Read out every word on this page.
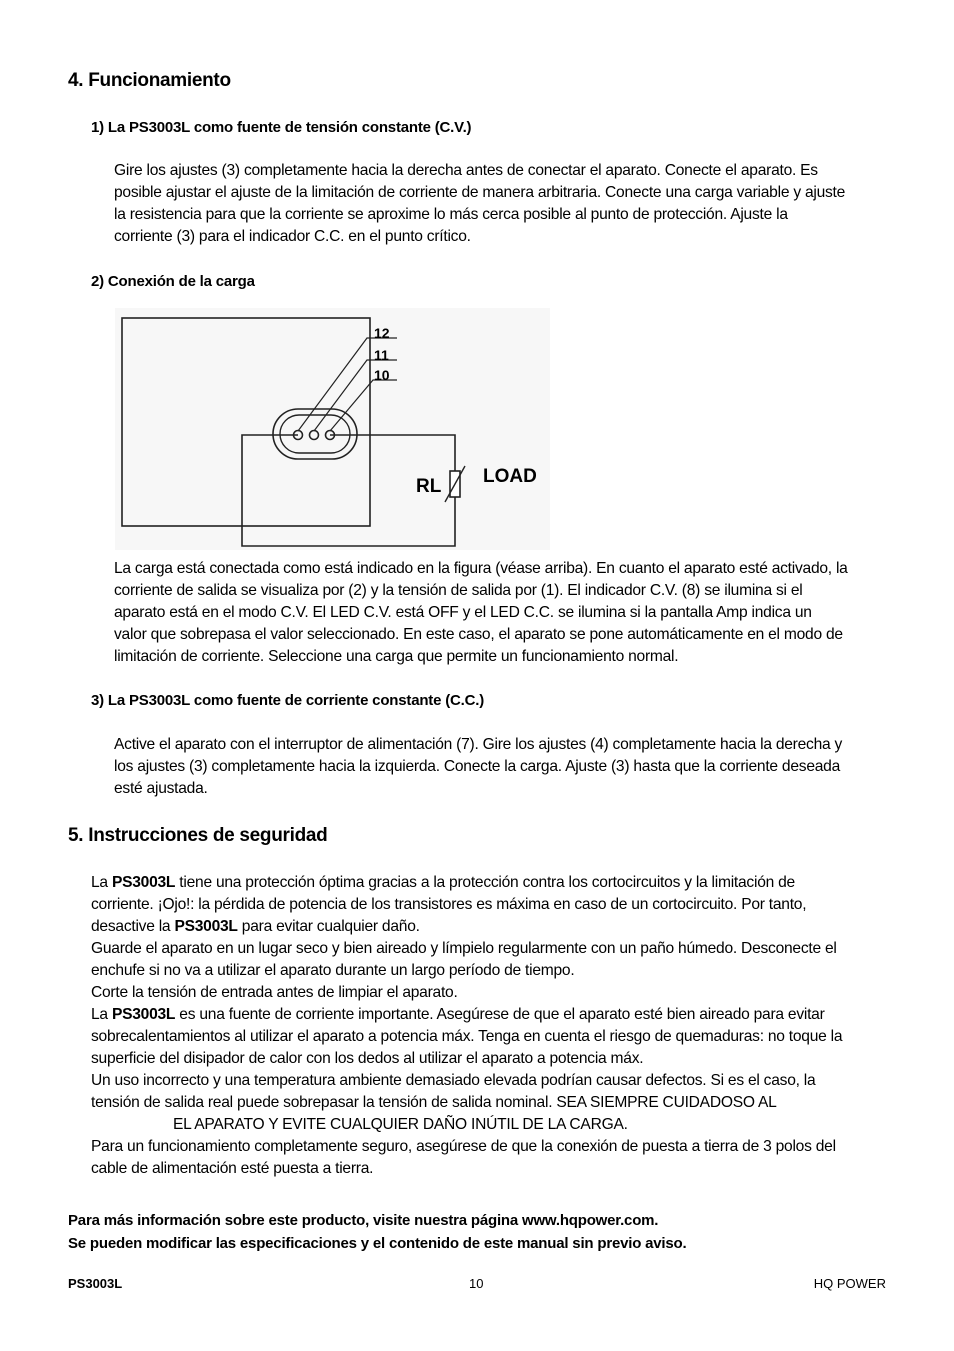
4. Funcionamiento
1) La PS3003L como fuente de tensión constante (C.V.)
Gire los ajustes (3) completamente hacia la derecha antes de conectar el aparato. Conecte el aparato. Es
posible ajustar el ajuste de la limitación de corriente de manera arbitraria. Conecte una carga variable y ajuste
la resistencia para que la corriente se aproxime lo más cerca posible al punto de protección. Ajuste la
corriente (3) para el indicador C.C. en el punto crítico.
2) Conexión de la carga
12
11
10
RL LOAD
La carga está conectada como está indicado en la figura (véase arriba). En cuanto el aparato esté activado, la
corriente de salida se visualiza por (2) y la tensión de salida por (1). El indicador C.V. (8) se ilumina si el
aparato está en el modo C.V. El LED C.V. está OFF y el LED C.C. se ilumina si la pantalla Amp indica un
valor que sobrepasa el valor seleccionado. En este caso, el aparato se pone automáticamente en el modo de
limitación de corriente. Seleccione una carga que permite un funcionamiento normal.
3) La PS3003L como fuente de corriente constante (C.C.)
Active el aparato con el interruptor de alimentación (7). Gire los ajustes (4) completamente hacia la derecha y
los ajustes (3) completamente hacia la izquierda. Conecte la carga. Ajuste (3) hasta que la corriente deseada
esté ajustada.
5. Instrucciones de seguridad
La PS3003L tiene una protección óptima gracias a la protección contra los cortocircuitos y la limitación de
corriente. ¡Ojo!: la pérdida de potencia de los transistores es máxima en caso de un cortocircuito. Por tanto,
desactive la PS3003L para evitar cualquier daño.
Guarde el aparato en un lugar seco y bien aireado y límpielo regularmente con un paño húmedo. Desconecte el
enchufe si no va a utilizar el aparato durante un largo período de tiempo.
Corte la tensión de entrada antes de limpiar el aparato.
La PS3003L es una fuente de corriente importante. Asegúrese de que el aparato esté bien aireado para evitar
sobrecalentamientos al utilizar el aparato a potencia máx. Tenga en cuenta el riesgo de quemaduras: no toque la
superficie del disipador de calor con los dedos al utilizar el aparato a potencia máx.
Un uso incorrecto y una temperatura ambiente demasiado elevada podrían causar defectos. Si es el caso, la
tensión de salida real puede sobrepasar la tensión de salida nominal. SEA SIEMPRE CUIDADOSO AL
EL APARATO Y EVITE CUALQUIER DAÑO INÚTIL DE LA CARGA.
Para un funcionamiento completamente seguro, asegúrese de que la conexión de puesta a tierra de 3 polos del
cable de alimentación esté puesta a tierra.
Para más información sobre este producto, visite nuestra página www.hqpower.com.
Se pueden modificar las especificaciones y el contenido de este manual sin previo aviso.
PS3003L	10	HQ POWER
